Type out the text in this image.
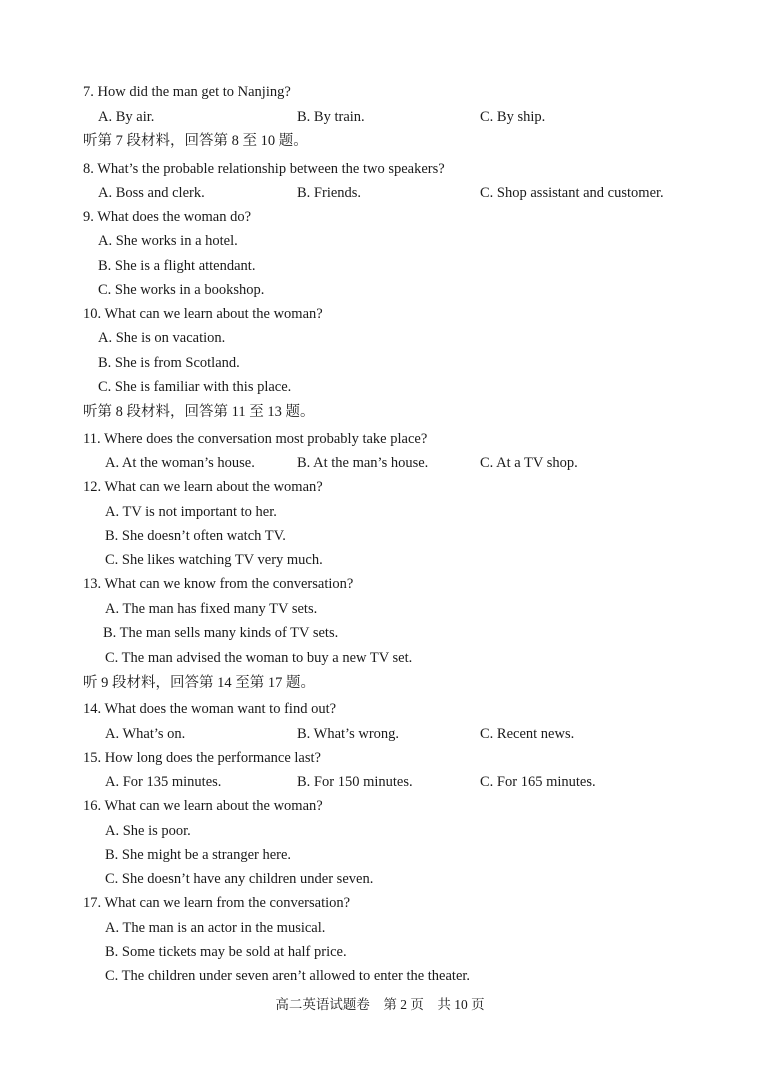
7. How did the man get to Nanjing?
A. By air.	B. By train.	C. By ship.
听第 7 段材料，回答第 8 至 10 题。
8. What’s the probable relationship between the two speakers?
A. Boss and clerk.	B. Friends.	C. Shop assistant and customer.
9. What does the woman do?
A. She works in a hotel.
B. She is a flight attendant.
C. She works in a bookshop.
10. What can we learn about the woman?
A. She is on vacation.
B. She is from Scotland.
C. She is familiar with this place.
听第 8 段材料，回答第 11 至 13 题。
11. Where does the conversation most probably take place?
A. At the woman’s house.	B. At the man’s house.	C. At a TV shop.
12. What can we learn about the woman?
A. TV is not important to her.
B. She doesn’t often watch TV.
C. She likes watching TV very much.
13. What can we know from the conversation?
A. The man has fixed many TV sets.
B. The man sells many kinds of TV sets.
C. The man advised the woman to buy a new TV set.
听 9 段材料，回答第 14 至第 17 题。
14. What does the woman want to find out?
A. What’s on.	B. What’s wrong.	C. Recent news.
15. How long does the performance last?
A. For 135 minutes.	B. For 150 minutes.	C. For 165 minutes.
16. What can we learn about the woman?
A. She is poor.
B. She might be a stranger here.
C. She doesn’t have any children under seven.
17. What can we learn from the conversation?
A. The man is an actor in the musical.
B. Some tickets may be sold at half price.
C. The children under seven aren’t allowed to enter the theater.
高二英语试题卷　第 2 页　共 10 页
